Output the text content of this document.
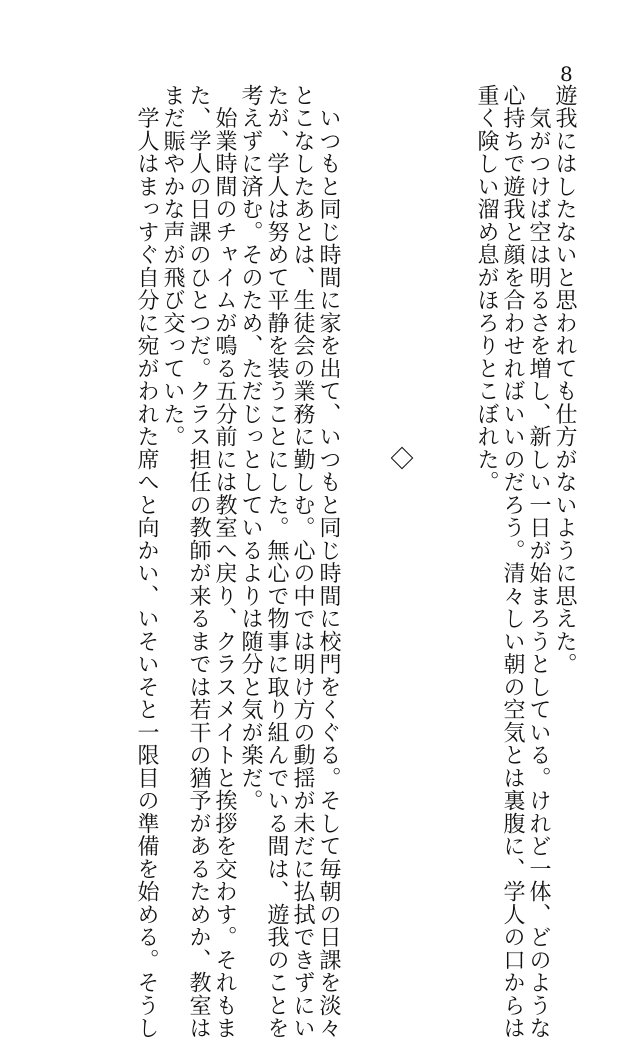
8
遊我にはしたないと思われても仕方がないように思えた。
　気がつけば空は明るさを増し、新しい一日が始まろうとしている。けれど一体、どのような
心持ちで遊我と顔を合わせればいいのだろう。清々しい朝の空気とは裏腹に、学人の口からは
重く険しい溜め息がほろりとこぼれた。
　いつもと同じ時間に家を出て、いつもと同じ時間に校門をくぐる。そして毎朝の日課を淡々
とこなしたあとは、生徒会の業務に勤しむ。心の中では明け方の動揺が未だに払拭できずにい
たが、学人は努めて平静を装うことにした。無心で物事に取り組んでいる間は、遊我のことを
考えずに済む。そのため、ただじっとしているよりは随分と気が楽だ。
　始業時間のチャイムが鳴る五分前には教室へ戻り、クラスメイトと挨拶を交わす。それもま
た、学人の日課のひとつだ。クラス担任の教師が来るまでは若干の猶予があるためか、教室は
まだ賑やかな声が飛び交っていた。
　学人はまっすぐ自分に宛がわれた席へと向かい、いそいそと一限目の準備を始める。そうし
